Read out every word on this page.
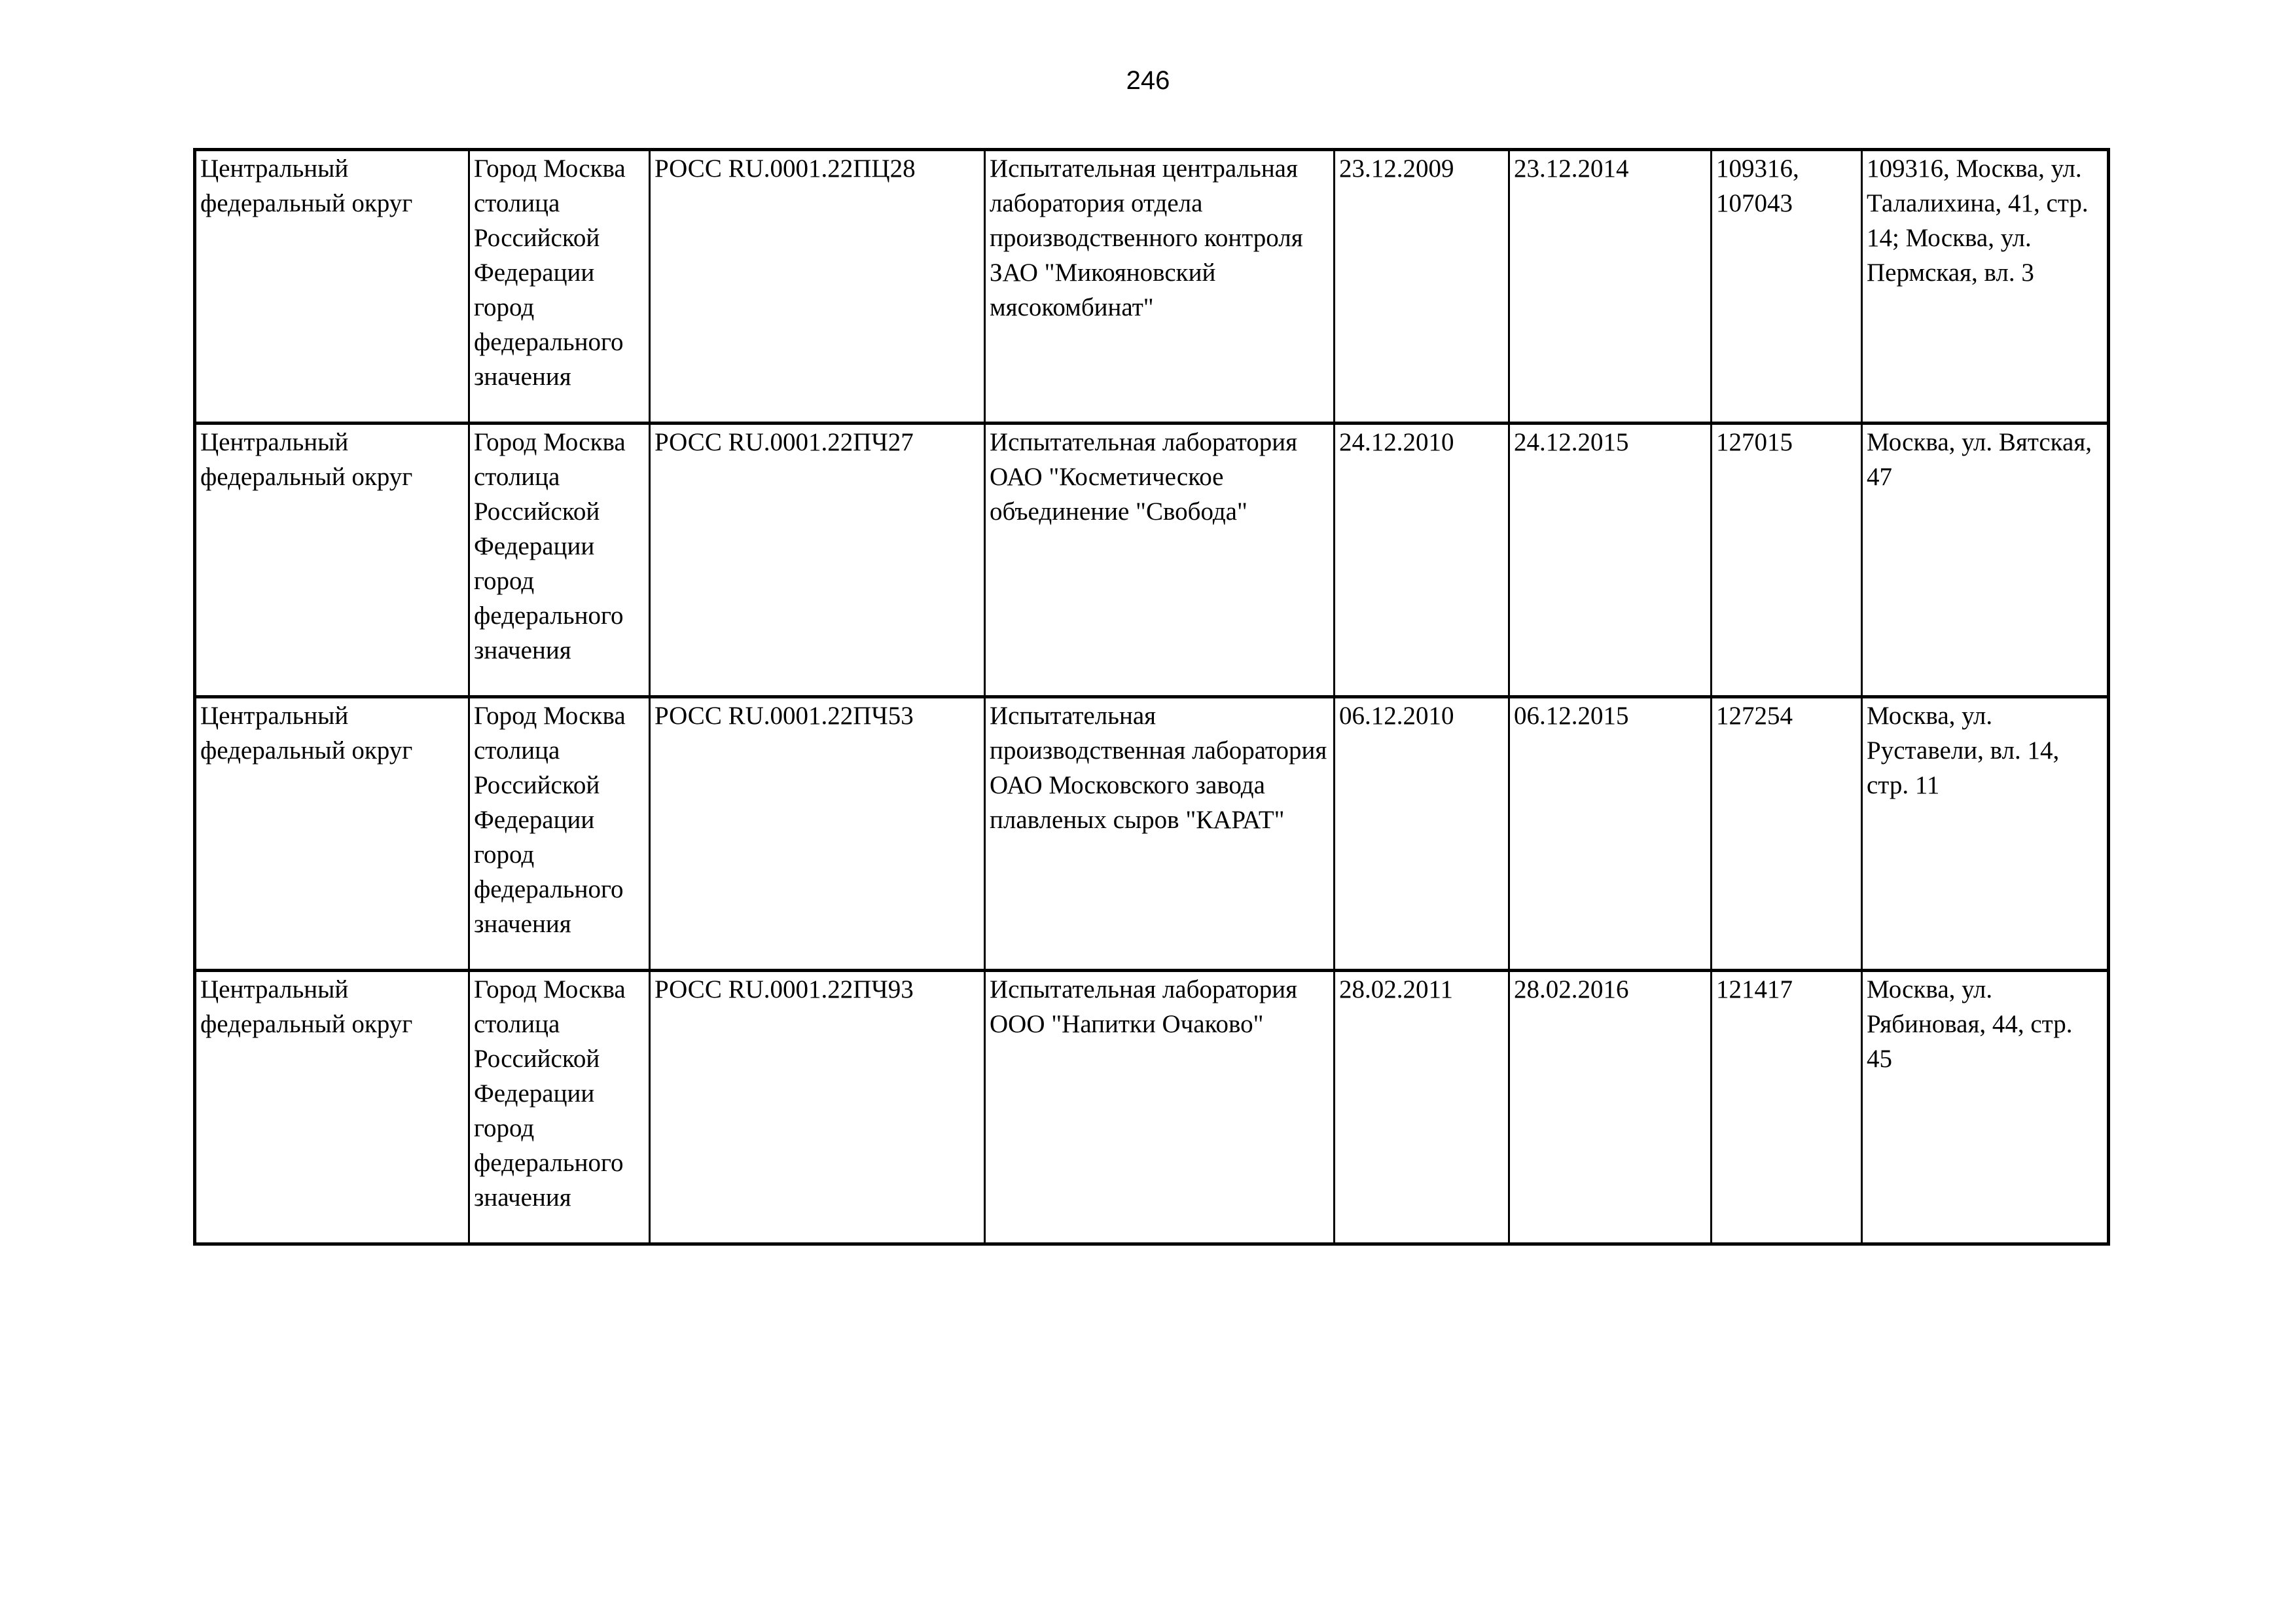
246
Центральный федеральный округ	Город Москва столица Российской Федерации город федерального значения	РОСС RU.0001.22ПЦ28	Испытательная центральная лаборатория отдела производственного контроля ЗАО "Микояновский мясокомбинат"	23.12.2009	23.12.2014	109316, 107043	109316, Москва, ул. Талалихина, 41, стр. 14; Москва, ул. Пермская, вл. 3

Центральный федеральный округ	Город Москва столица Российской Федерации город федерального значения	РОСС RU.0001.22ПЧ27	Испытательная лаборатория ОАО "Косметическое объединение "Свобода"	24.12.2010	24.12.2015	127015	Москва, ул. Вятская, 47

Центральный федеральный округ	Город Москва столица Российской Федерации город федерального значения	РОСС RU.0001.22ПЧ53	Испытательная производственная лаборатория ОАО Московского завода плавленых сыров "КАРАТ"	06.12.2010	06.12.2015	127254	Москва, ул. Руставели, вл. 14, стр. 11

Центральный федеральный округ	Город Москва столица Российской Федерации город федерального значения	РОСС RU.0001.22ПЧ93	Испытательная лаборатория ООО "Напитки Очаково"	28.02.2011	28.02.2016	121417	Москва, ул. Рябиновая, 44, стр. 45
